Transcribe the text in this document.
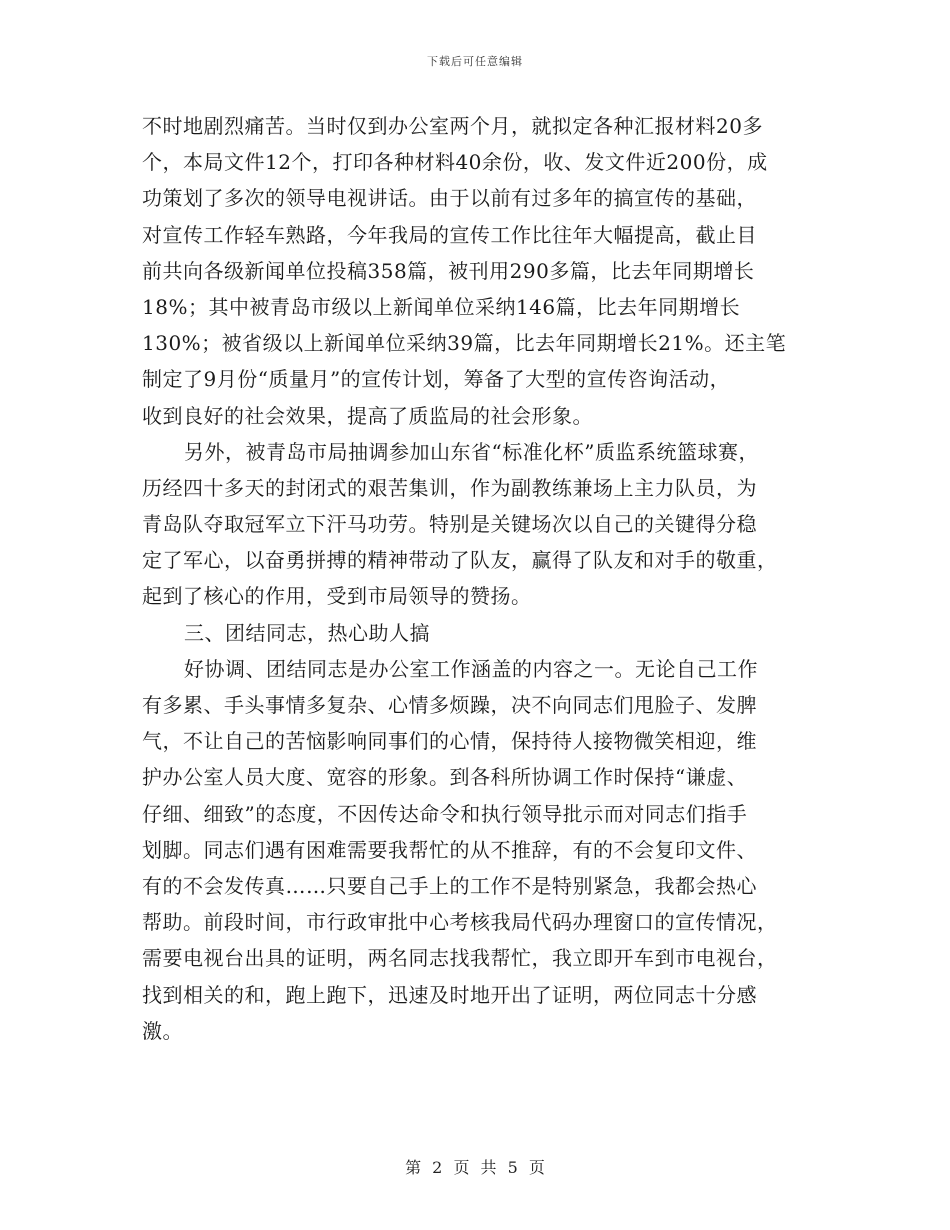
下载后可任意编辑
不时地剧烈痛苦。当时仅到办公室两个月，就拟定各种汇报材料20多
个，本局文件12个，打印各种材料40余份，收、发文件近200份，成
功策划了多次的领导电视讲话。由于以前有过多年的搞宣传的基础，
对宣传工作轻车熟路，今年我局的宣传工作比往年大幅提高，截止目
前共向各级新闻单位投稿358篇，被刊用290多篇，比去年同期增长
18%；其中被青岛市级以上新闻单位采纳146篇，比去年同期增长
130%；被省级以上新闻单位采纳39篇，比去年同期增长21%。还主笔
制定了9月份“质量月”的宣传计划，筹备了大型的宣传咨询活动，
收到良好的社会效果，提高了质监局的社会形象。
另外，被青岛市局抽调参加山东省“标准化杯”质监系统篮球赛，
历经四十多天的封闭式的艰苦集训，作为副教练兼场上主力队员，为
青岛队夺取冠军立下汗马功劳。特别是关键场次以自己的关键得分稳
定了军心，以奋勇拼搏的精神带动了队友，赢得了队友和对手的敬重，
起到了核心的作用，受到市局领导的赞扬。
三、团结同志，热心助人搞
好协调、团结同志是办公室工作涵盖的内容之一。无论自己工作
有多累、手头事情多复杂、心情多烦躁，决不向同志们甩脸子、发脾
气，不让自己的苦恼影响同事们的心情，保持待人接物微笑相迎，维
护办公室人员大度、宽容的形象。到各科所协调工作时保持“谦虚、
仔细、细致”的态度，不因传达命令和执行领导批示而对同志们指手
划脚。同志们遇有困难需要我帮忙的从不推辞，有的不会复印文件、
有的不会发传真……只要自己手上的工作不是特别紧急，我都会热心
帮助。前段时间，市行政审批中心考核我局代码办理窗口的宣传情况，
需要电视台出具的证明，两名同志找我帮忙，我立即开车到市电视台，
找到相关的和，跑上跑下，迅速及时地开出了证明，两位同志十分感
激。
第 2 页 共 5 页
